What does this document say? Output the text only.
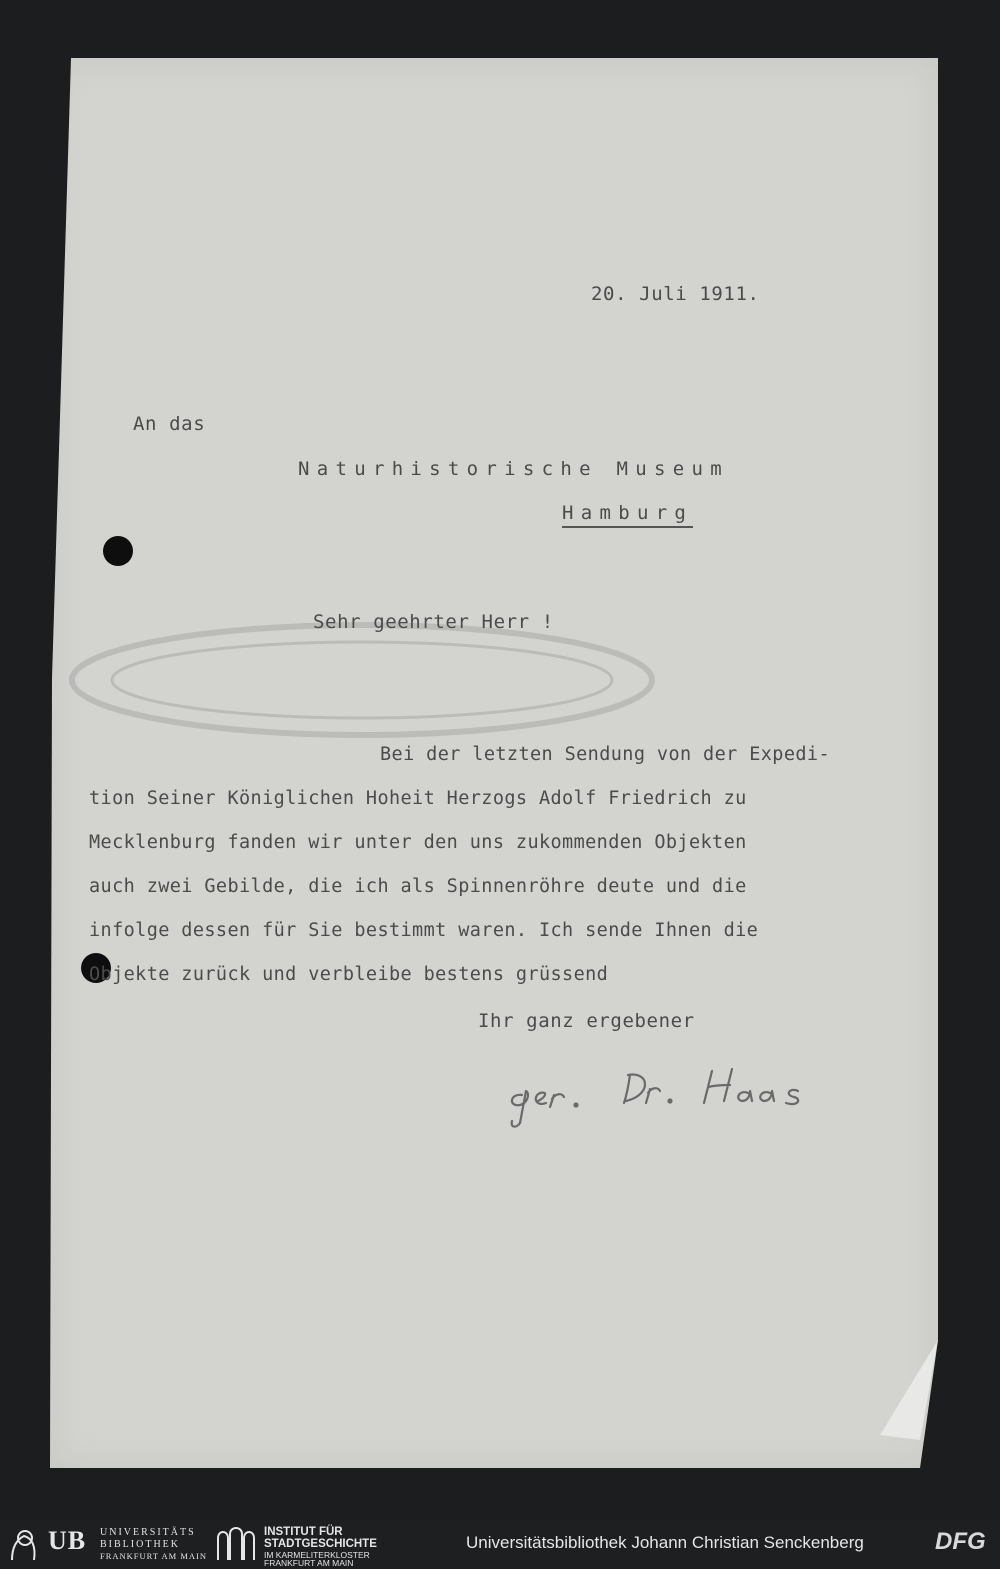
20. Juli 1911.
An das
Naturhistorische Museum
Hamburg
Sehr geehrter Herr !
Bei der letzten Sendung von der Expedi-
tion Seiner Königlichen Hoheit Herzogs Adolf Friedrich zu
Mecklenburg fanden wir unter den uns zukommenden Objekten
auch zwei Gebilde, die ich als Spinnenröhre deute und die
infolge dessen für Sie bestimmt waren. Ich sende Ihnen die
Objekte zurück und verbleibe bestens grüssend
Ihr ganz ergebener
UB UNIVERSITÄTS
BIBLIOTHEK
FRANKFURT AM MAIN
INSTITUT FÜR
STADTGESCHICHTE
IM KARMELITERKLOSTER
FRANKFURT AM MAIN
Universitätsbibliothek Johann Christian Senckenberg	DFG
